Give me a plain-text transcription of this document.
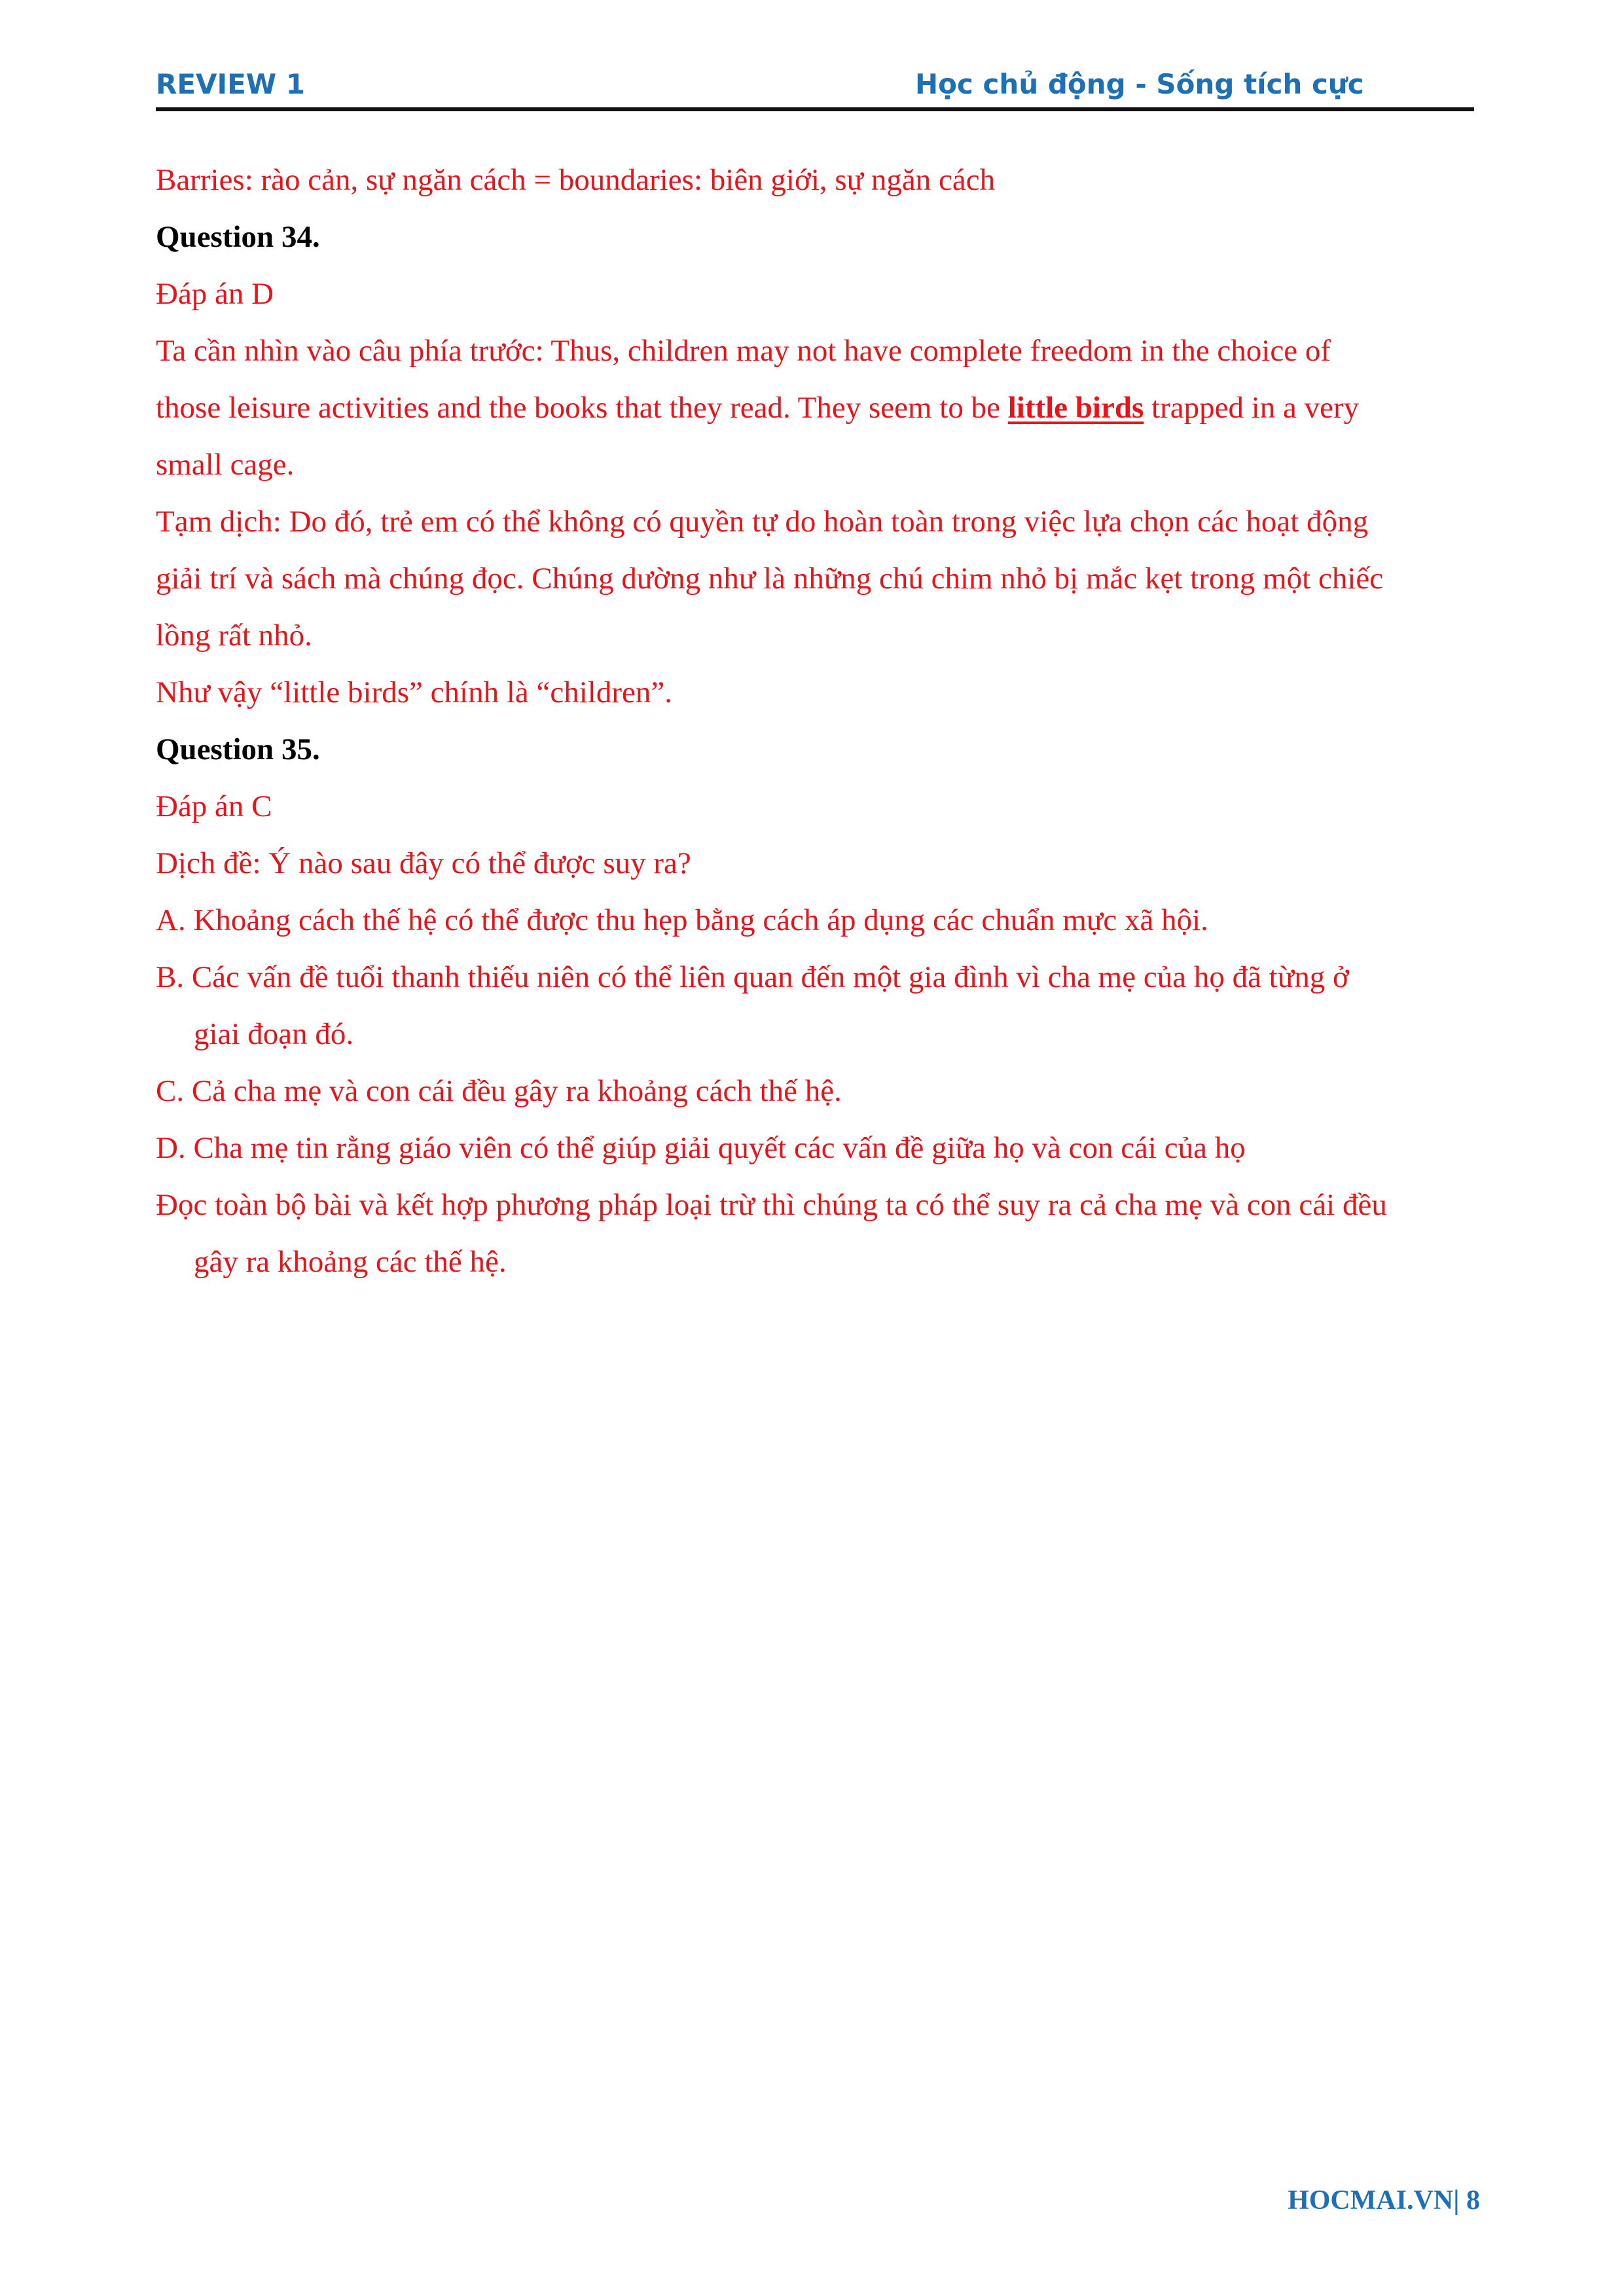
REVIEW 1	Học chủ động - Sống tích cực
Barries: rào cản, sự ngăn cách = boundaries: biên giới, sự ngăn cách
Question 34.
Đáp án D
Ta cần nhìn vào câu phía trước: Thus, children may not have complete freedom in the choice of
those leisure activities and the books that they read. They seem to be little birds trapped in a very
small cage.
Tạm dịch: Do đó, trẻ em có thể không có quyền tự do hoàn toàn trong việc lựa chọn các hoạt động
giải trí và sách mà chúng đọc. Chúng dường như là những chú chim nhỏ bị mắc kẹt trong một chiếc
lồng rất nhỏ.
Như vậy “little birds” chính là “children”.
Question 35.
Đáp án C
Dịch đề: Ý nào sau đây có thể được suy ra?
A. Khoảng cách thế hệ có thể được thu hẹp bằng cách áp dụng các chuẩn mực xã hội.
B. Các vấn đề tuổi thanh thiếu niên có thể liên quan đến một gia đình vì cha mẹ của họ đã từng ở
giai đoạn đó.
C. Cả cha mẹ và con cái đều gây ra khoảng cách thế hệ.
D. Cha mẹ tin rằng giáo viên có thể giúp giải quyết các vấn đề giữa họ và con cái của họ
Đọc toàn bộ bài và kết hợp phương pháp loại trừ thì chúng ta có thể suy ra cả cha mẹ và con cái đều
gây ra khoảng các thế hệ.
HOCMAI.VN| 8
